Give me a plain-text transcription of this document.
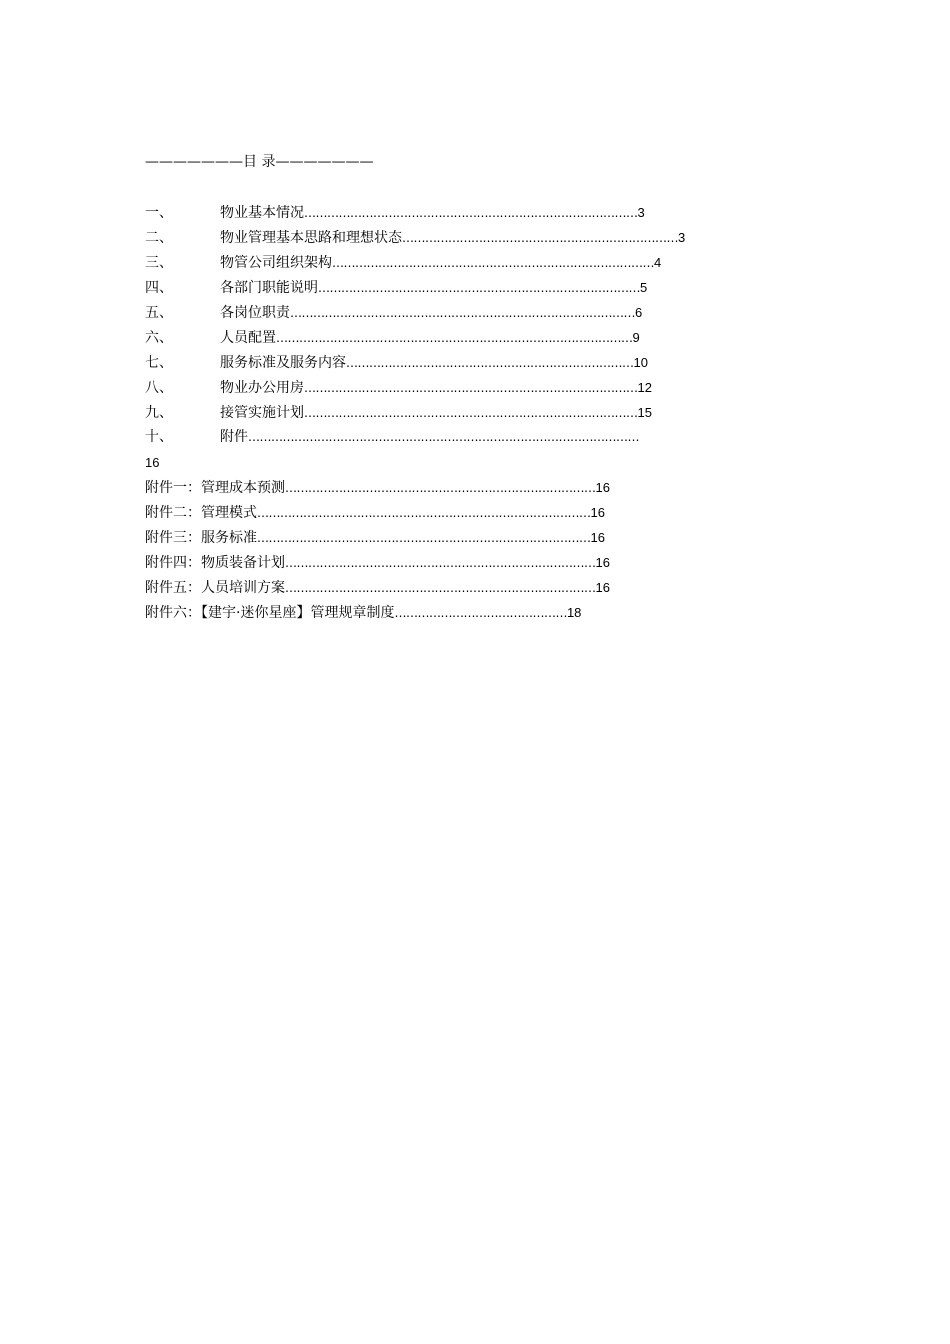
———————目 录———————
一、	物业基本情况……………………………………………………………………………3
二、	物业管理基本思路和理想状态………………………………………………………………3
三、	物管公司组织架构…………………………………………………………………………4
四、	各部门职能说明…………………………………………………………………………5
五、	各岗位职责………………………………………………………………………………6
六、	人员配置…………………………………………………………………………………9
七、	服务标准及服务内容…………………………………………………………………10
八、	物业办公用房……………………………………………………………………………12
九、	接管实施计划……………………………………………………………………………15
十、	附件…………………………………………………………………………………………
16
附件一：管理成本预测………………………………………………………………………16
附件二：管理模式……………………………………………………………………………16
附件三：服务标准……………………………………………………………………………16
附件四：物质装备计划………………………………………………………………………16
附件五：人员培训方案………………………………………………………………………16
附件六：【建宇·迷你星座】管理规章制度………………………………………18
